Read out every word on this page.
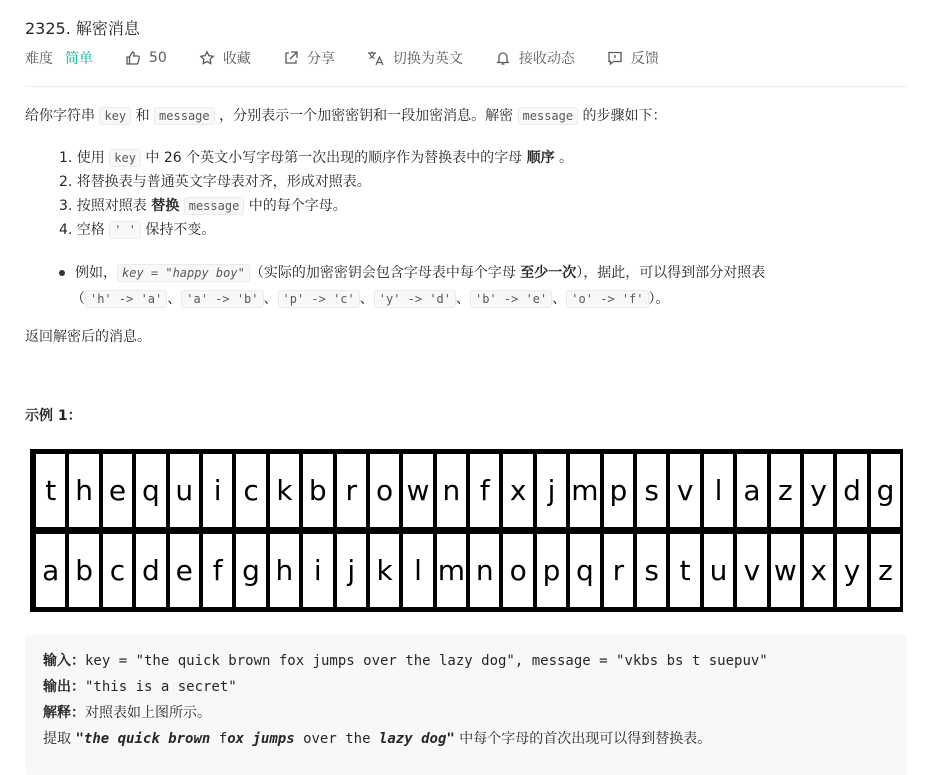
2325. 解密消息
难度 简单	50	收藏	分享	切换为英文	接收动态	反馈

给你字符串 key 和 message ，分别表示一个加密密钥和一段加密消息。解密 message 的步骤如下：

1. 使用 key 中 26 个英文小写字母第一次出现的顺序作为替换表中的字母 顺序 。
2. 将替换表与普通英文字母表对齐，形成对照表。
3. 按照对照表 替换 message 中的每个字母。
4. 空格 ' ' 保持不变。
例如， key = "happy boy" （实际的加密密钥会包含字母表中每个字母 至少一次），据此，可以得到部分对照表
（ 'h' -> 'a' 、 'a' -> 'b' 、 'p' -> 'c' 、 'y' -> 'd' 、 'b' -> 'e' 、 'o' -> 'f' ）。
返回解密后的消息。
示例 1：
t h e q u i c k b r o w n f x j m p s v l a z y d g
a b c d e f g h i j k l m n o p q r s t u v w x y z
输入：key = "the quick brown fox jumps over the lazy dog", message = "vkbs bs t suepuv"
输出："this is a secret"
解释：对照表如上图所示。
提取 "the quick brown fox jumps over the lazy dog" 中每个字母的首次出现可以得到替换表。
